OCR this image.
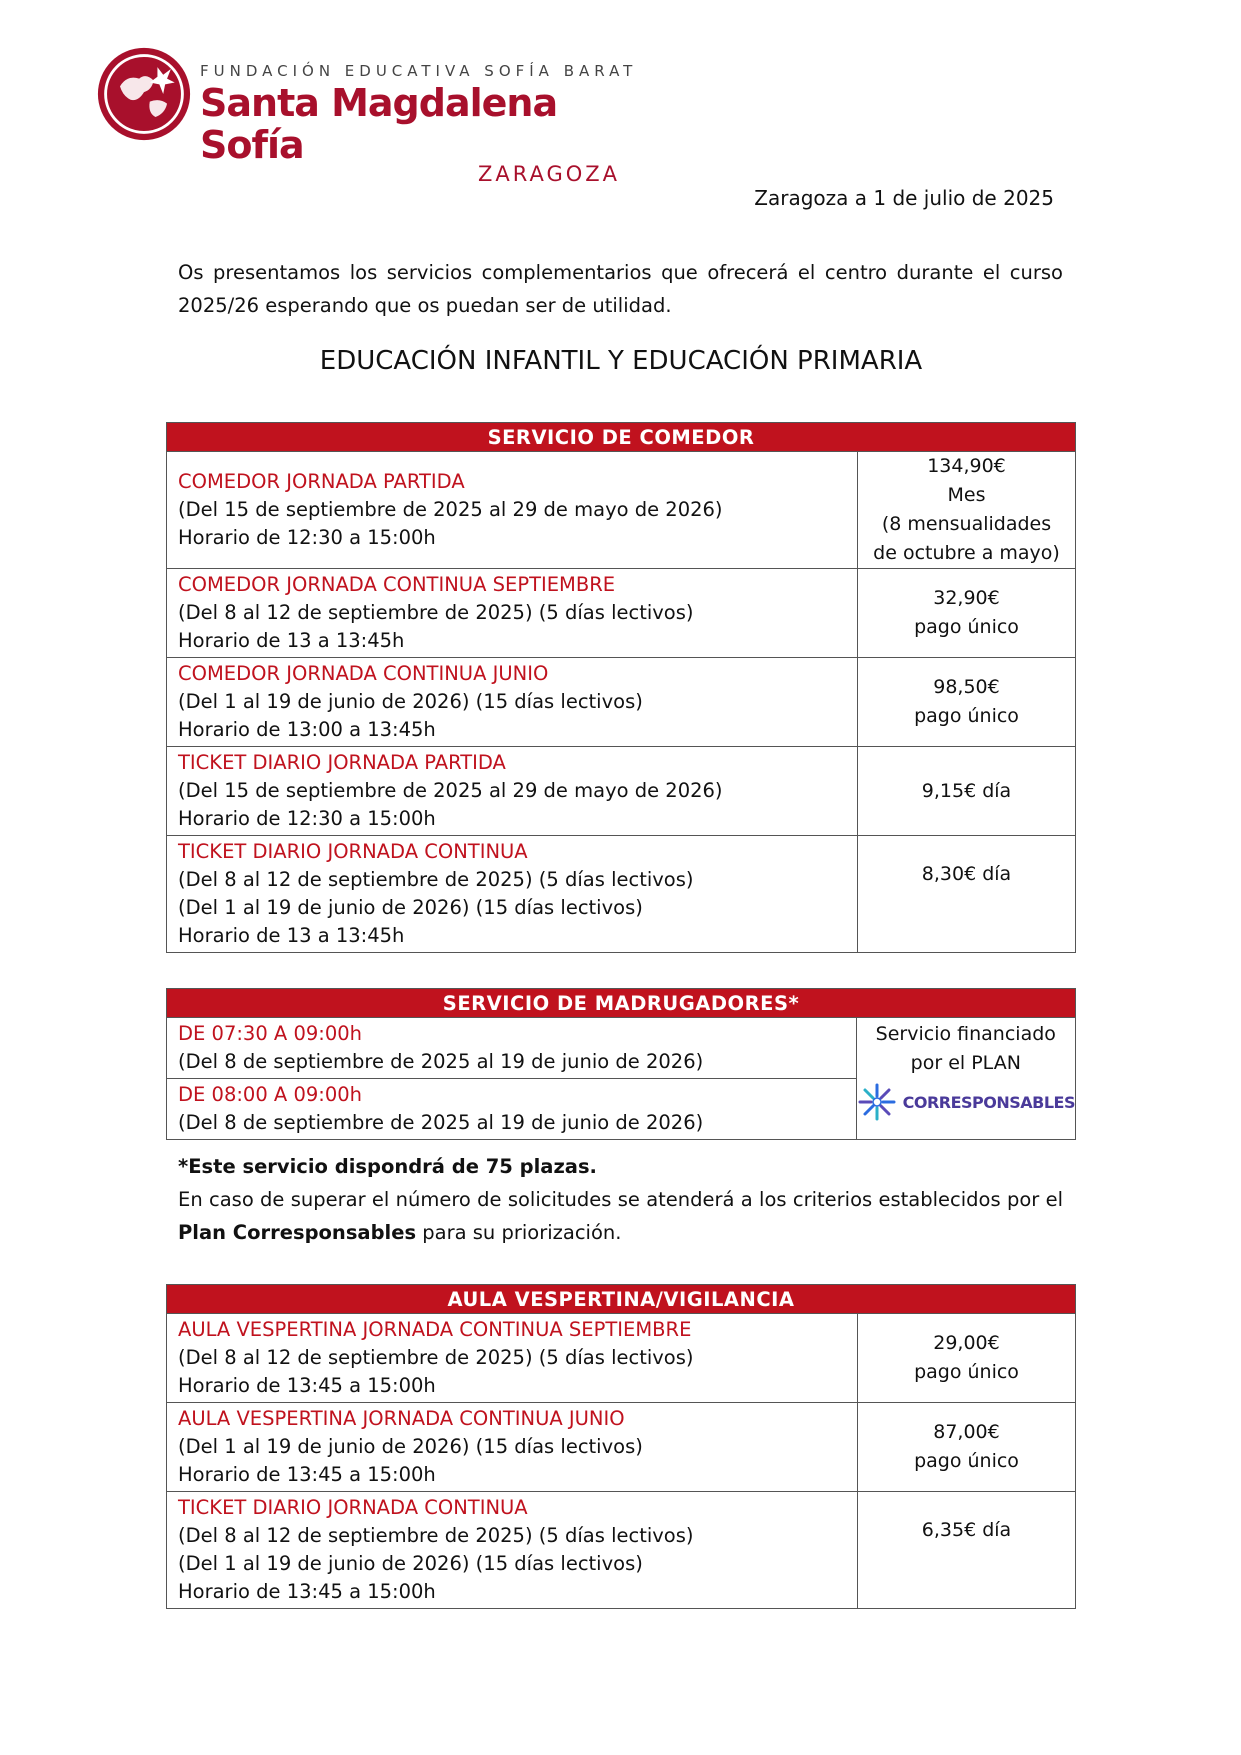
FUNDACIÓN EDUCATIVA SOFÍA BARAT
Santa Magdalena Sofía
ZARAGOZA
Zaragoza a 1 de julio de 2025
Os presentamos los servicios complementarios que ofrecerá el centro durante el curso 2025/26 esperando que os puedan ser de utilidad.
EDUCACIÓN INFANTIL Y EDUCACIÓN PRIMARIA
SERVICIO DE COMEDOR	
COMEDOR JORNADA PARTIDA
(Del 15 de septiembre de 2025 al 29 de mayo de 2026)
Horario de 12:30 a 15:00h	134,90€
Mes
(8 mensualidades
de octubre a mayo)
COMEDOR JORNADA CONTINUA SEPTIEMBRE
(Del 8 al 12 de septiembre de 2025) (5 días lectivos)
Horario de 13 a 13:45h	32,90€
pago único
COMEDOR JORNADA CONTINUA JUNIO
(Del 1 al 19 de junio de 2026) (15 días lectivos)
Horario de 13:00 a 13:45h	98,50€
pago único
TICKET DIARIO JORNADA PARTIDA
(Del 15 de septiembre de 2025 al 29 de mayo de 2026)
Horario de 12:30 a 15:00h	9,15€ día
TICKET DIARIO JORNADA CONTINUA
(Del 8 al 12 de septiembre de 2025) (5 días lectivos)
(Del 1 al 19 de junio de 2026) (15 días lectivos)
Horario de 13 a 13:45h	8,30€ día
SERVICIO DE MADRUGADORES*
DE 07:30 A 09:00h
(Del 8 de septiembre de 2025 al 19 de junio de 2026)	Servicio financiado
por el PLAN

CORRESPONSABLES

DE 08:00 A 09:00h
(Del 8 de septiembre de 2025 al 19 de junio de 2026)
*Este servicio dispondrá de 75 plazas.
En caso de superar el número de solicitudes se atenderá a los criterios establecidos por el Plan Corresponsables para su priorización.
AULA VESPERTINA/VIGILANCIA	
AULA VESPERTINA JORNADA CONTINUA SEPTIEMBRE
(Del 8 al 12 de septiembre de 2025) (5 días lectivos)
Horario de 13:45 a 15:00h	29,00€
pago único
AULA VESPERTINA JORNADA CONTINUA JUNIO
(Del 1 al 19 de junio de 2026) (15 días lectivos)
Horario de 13:45 a 15:00h	87,00€
pago único
TICKET DIARIO JORNADA CONTINUA
(Del 8 al 12 de septiembre de 2025) (5 días lectivos)
(Del 1 al 19 de junio de 2026) (15 días lectivos)
Horario de 13:45 a 15:00h	6,35€ día
